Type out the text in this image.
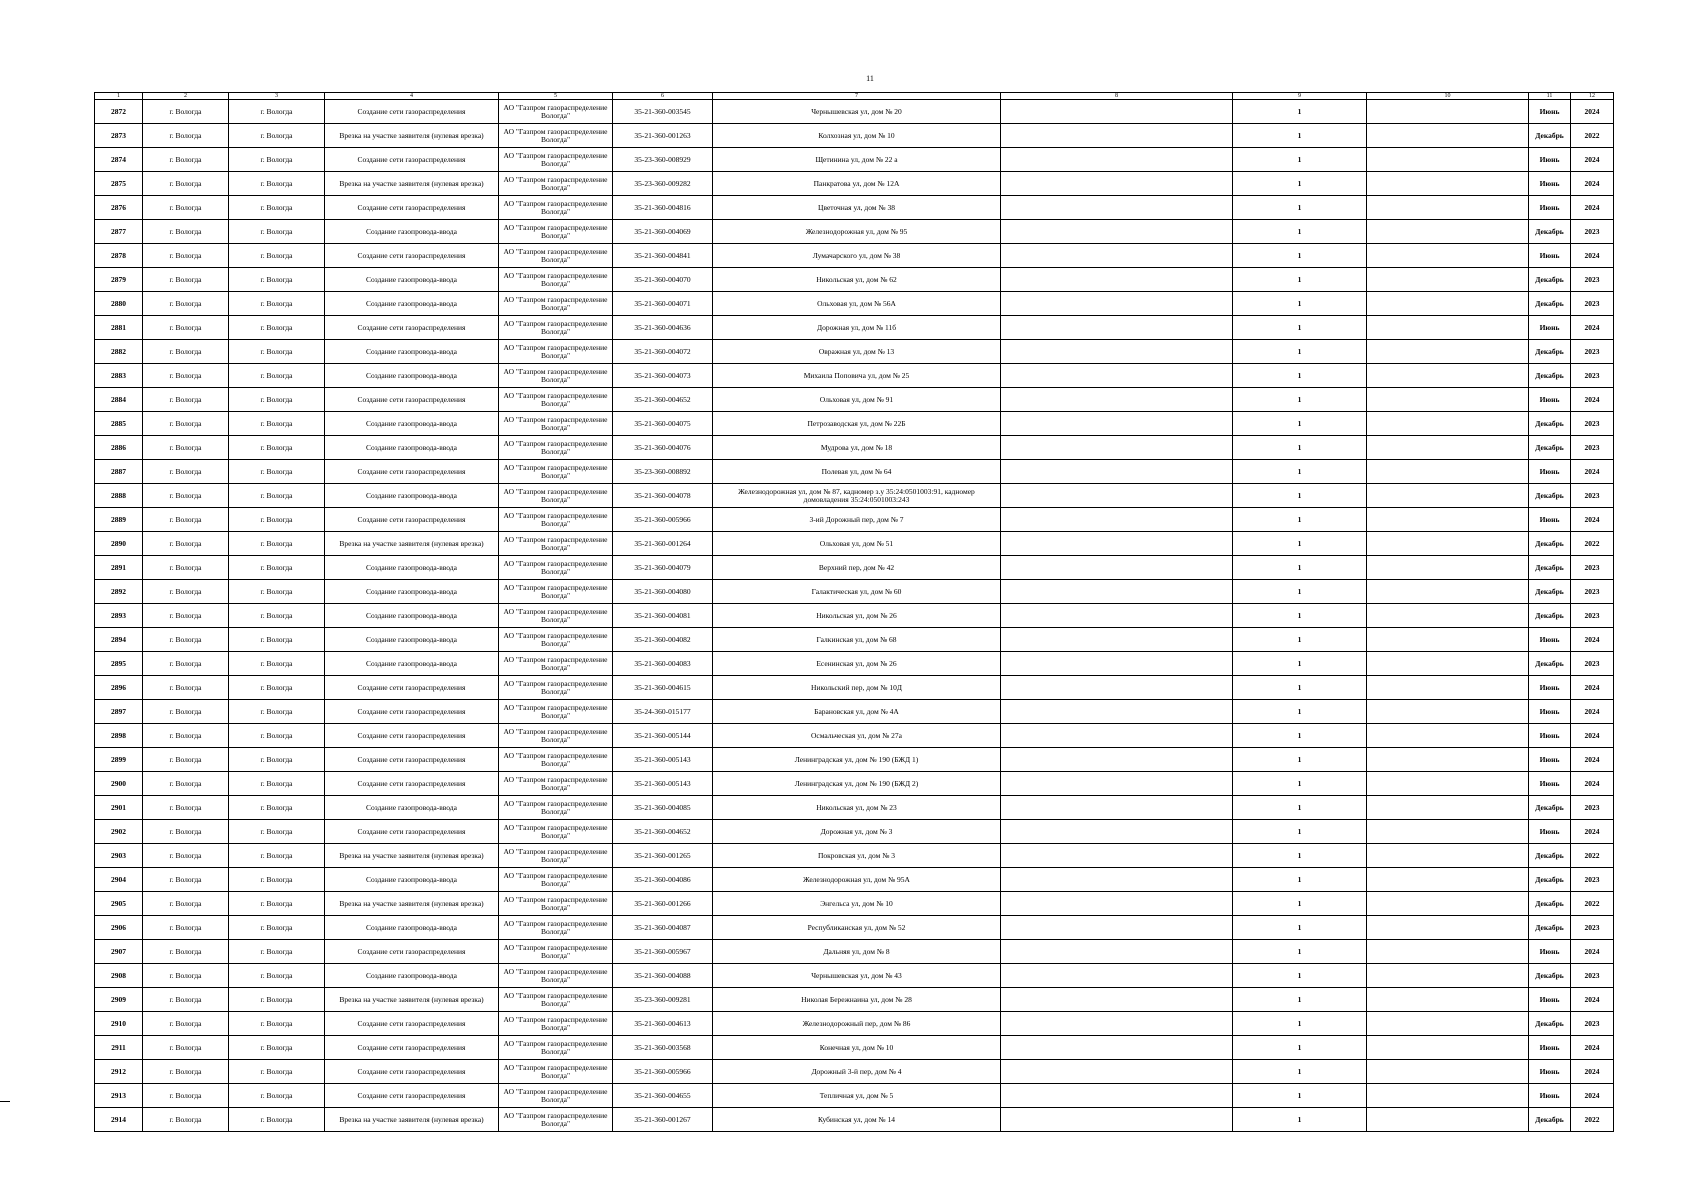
11
1	2	3	4	5	6	7	8	9	10	11	12
2872	г. Вологда	г. Вологда	Создание сети газораспределения	АО "Газпром газораспределение Вологда"	35-21-360-003545	Чернышевская ул, дом № 20		1		Июнь	2024
2873	г. Вологда	г. Вологда	Врезка на участке заявителя (нулевая врезка)	АО "Газпром газораспределение Вологда"	35-21-360-001263	Колхозная ул, дом № 10		1		Декабрь	2022
2874	г. Вологда	г. Вологда	Создание сети газораспределения	АО "Газпром газораспределение Вологда"	35-23-360-008929	Щетинина ул, дом № 22 а		1		Июнь	2024
2875	г. Вологда	г. Вологда	Врезка на участке заявителя (нулевая врезка)	АО "Газпром газораспределение Вологда"	35-23-360-009282	Панкратова ул, дом № 12А		1		Июнь	2024
2876	г. Вологда	г. Вологда	Создание сети газораспределения	АО "Газпром газораспределение Вологда"	35-21-360-004816	Цветочная ул, дом № 38		1		Июнь	2024
2877	г. Вологда	г. Вологда	Создание газопровода-ввода	АО "Газпром газораспределение Вологда"	35-21-360-004069	Железнодорожная ул, дом № 95		1		Декабрь	2023
2878	г. Вологда	г. Вологда	Создание сети газораспределения	АО "Газпром газораспределение Вологда"	35-21-360-004841	Лумачарского ул, дом № 38		1		Июнь	2024
2879	г. Вологда	г. Вологда	Создание газопровода-ввода	АО "Газпром газораспределение Вологда"	35-21-360-004070	Никольская ул, дом № 62		1		Декабрь	2023
2880	г. Вологда	г. Вологда	Создание газопровода-ввода	АО "Газпром газораспределение Вологда"	35-21-360-004071	Ольховая ул, дом № 56А		1		Декабрь	2023
2881	г. Вологда	г. Вологда	Создание сети газораспределения	АО "Газпром газораспределение Вологда"	35-21-360-004636	Дорожная ул, дом № 11б		1		Июнь	2024
2882	г. Вологда	г. Вологда	Создание газопровода-ввода	АО "Газпром газораспределение Вологда"	35-21-360-004072	Овражная ул, дом № 13		1		Декабрь	2023
2883	г. Вологда	г. Вологда	Создание газопровода-ввода	АО "Газпром газораспределение Вологда"	35-21-360-004073	Михаила Поповича ул, дом № 25		1		Декабрь	2023
2884	г. Вологда	г. Вологда	Создание сети газораспределения	АО "Газпром газораспределение Вологда"	35-21-360-004652	Ольховая ул, дом № 91		1		Июнь	2024
2885	г. Вологда	г. Вологда	Создание газопровода-ввода	АО "Газпром газораспределение Вологда"	35-21-360-004075	Петрозаводская ул, дом № 22Б		1		Декабрь	2023
2886	г. Вологда	г. Вологда	Создание газопровода-ввода	АО "Газпром газораспределение Вологда"	35-21-360-004076	Мудрова ул, дом № 18		1		Декабрь	2023
2887	г. Вологда	г. Вологда	Создание сети газораспределения	АО "Газпром газораспределение Вологда"	35-23-360-008892	Полевая ул, дом № 64		1		Июнь	2024
2888	г. Вологда	г. Вологда	Создание газопровода-ввода	АО "Газпром газораспределение Вологда"	35-21-360-004078	Железнодорожная ул, дом № 87, кадномер з.у 35:24:0501003:91, кадномер домовладения 35:24:0501003:243		1		Декабрь	2023
2889	г. Вологда	г. Вологда	Создание сети газораспределения	АО "Газпром газораспределение Вологда"	35-21-360-005966	3-ий Дорожный пер, дом № 7		1		Июнь	2024
2890	г. Вологда	г. Вологда	Врезка на участке заявителя (нулевая врезка)	АО "Газпром газораспределение Вологда"	35-21-360-001264	Ольховая ул, дом № 51		1		Декабрь	2022
2891	г. Вологда	г. Вологда	Создание газопровода-ввода	АО "Газпром газораспределение Вологда"	35-21-360-004079	Верхний пер, дом № 42		1		Декабрь	2023
2892	г. Вологда	г. Вологда	Создание газопровода-ввода	АО "Газпром газораспределение Вологда"	35-21-360-004080	Галактическая ул, дом № 60		1		Декабрь	2023
2893	г. Вологда	г. Вологда	Создание газопровода-ввода	АО "Газпром газораспределение Вологда"	35-21-360-004081	Никольская ул, дом № 26		1		Декабрь	2023
2894	г. Вологда	г. Вологда	Создание газопровода-ввода	АО "Газпром газораспределение Вологда"	35-21-360-004082	Галкинская ул, дом № 68		1		Июнь	2024
2895	г. Вологда	г. Вологда	Создание газопровода-ввода	АО "Газпром газораспределение Вологда"	35-21-360-004083	Есенинская ул, дом № 26		1		Декабрь	2023
2896	г. Вологда	г. Вологда	Создание сети газораспределения	АО "Газпром газораспределение Вологда"	35-21-360-004615	Никольский пер, дом № 10Д		1		Июнь	2024
2897	г. Вологда	г. Вологда	Создание сети газораспределения	АО "Газпром газораспределение Вологда"	35-24-360-015177	Барановская ул, дом № 4А		1		Июнь	2024
2898	г. Вологда	г. Вологда	Создание сети газораспределения	АО "Газпром газораспределение Вологда"	35-21-360-005144	Осмальческая ул, дом № 27а		1		Июнь	2024
2899	г. Вологда	г. Вологда	Создание сети газораспределения	АО "Газпром газораспределение Вологда"	35-21-360-005143	Ленинградская ул, дом № 190 (БЖД 1)		1		Июнь	2024
2900	г. Вологда	г. Вологда	Создание сети газораспределения	АО "Газпром газораспределение Вологда"	35-21-360-005143	Ленинградская ул, дом № 190 (БЖД 2)		1		Июнь	2024
2901	г. Вологда	г. Вологда	Создание газопровода-ввода	АО "Газпром газораспределение Вологда"	35-21-360-004085	Никольская ул, дом № 23		1		Декабрь	2023
2902	г. Вологда	г. Вологда	Создание сети газораспределения	АО "Газпром газораспределение Вологда"	35-21-360-004652	Дорожная ул, дом № 3		1		Июнь	2024
2903	г. Вологда	г. Вологда	Врезка на участке заявителя (нулевая врезка)	АО "Газпром газораспределение Вологда"	35-21-360-001265	Покровская ул, дом № 3		1		Декабрь	2022
2904	г. Вологда	г. Вологда	Создание газопровода-ввода	АО "Газпром газораспределение Вологда"	35-21-360-004086	Железнодорожная ул, дом № 95А		1		Декабрь	2023
2905	г. Вологда	г. Вологда	Врезка на участке заявителя (нулевая врезка)	АО "Газпром газораспределение Вологда"	35-21-360-001266	Энгельса ул, дом № 10		1		Декабрь	2022
2906	г. Вологда	г. Вологда	Создание газопровода-ввода	АО "Газпром газораспределение Вологда"	35-21-360-004087	Республиканская ул, дом № 52		1		Декабрь	2023
2907	г. Вологда	г. Вологда	Создание сети газораспределения	АО "Газпром газораспределение Вологда"	35-21-360-005967	Дальняя ул, дом № 8		1		Июнь	2024
2908	г. Вологда	г. Вологда	Создание газопровода-ввода	АО "Газпром газораспределение Вологда"	35-21-360-004088	Чернышевская ул, дом № 43		1		Декабрь	2023
2909	г. Вологда	г. Вологда	Врезка на участке заявителя (нулевая врезка)	АО "Газпром газораспределение Вологда"	35-23-360-009281	Николая Бережнаина ул, дом № 28		1		Июнь	2024
2910	г. Вологда	г. Вологда	Создание сети газораспределения	АО "Газпром газораспределение Вологда"	35-21-360-004613	Железнодорожный пер, дом № 86		1		Декабрь	2023
2911	г. Вологда	г. Вологда	Создание сети газораспределения	АО "Газпром газораспределение Вологда"	35-21-360-003568	Конечная ул, дом № 10		1		Июнь	2024
2912	г. Вологда	г. Вологда	Создание сети газораспределения	АО "Газпром газораспределение Вологда"	35-21-360-005966	Дорожный 3-й пер, дом № 4		1		Июнь	2024
2913	г. Вологда	г. Вологда	Создание сети газораспределения	АО "Газпром газораспределение Вологда"	35-21-360-004655	Тепличная ул, дом № 5		1		Июнь	2024
2914	г. Вологда	г. Вологда	Врезка на участке заявителя (нулевая врезка)	АО "Газпром газораспределение Вологда"	35-21-360-001267	Кубинская ул, дом № 14		1		Декабрь	2022
